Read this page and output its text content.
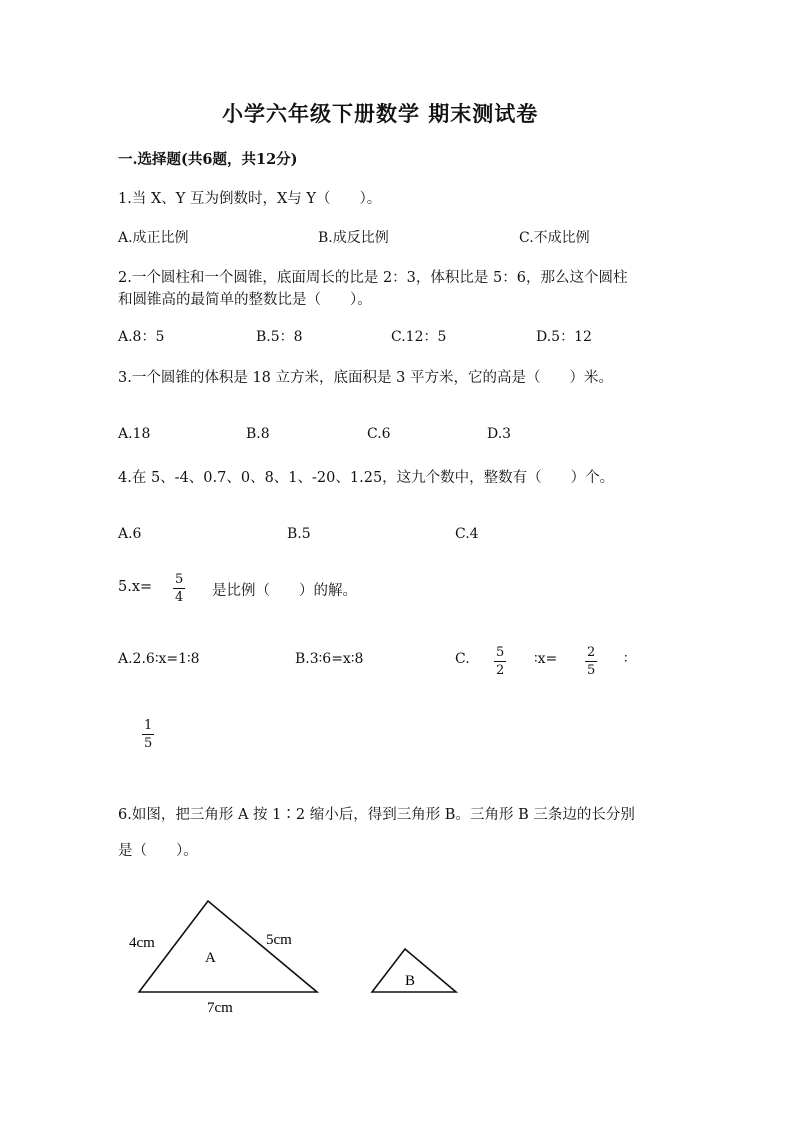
小学六年级下册数学 期末测试卷
一.选择题(共6题，共12分)
1.当 X、Y 互为倒数时，X与 Y（　　）。
A.成正比例	B.成反比例	C.不成比例
2.一个圆柱和一个圆锥，底面周长的比是 2：3，体积比是 5：6，那么这个圆柱
和圆锥高的最简单的整数比是（　　）。
A.8：5	B.5：8	C.12：5	D.5：12
3.一个圆锥的体积是 18 立方米，底面积是 3 平方米，它的高是（　　）米。
A.18	B.8	C.6	D.3
4.在 5、-4、0.7、0、8、1、-20、1.25，这九个数中，整数有（　　）个。
A.6	B.5	C.4
$5.x= \frac{5}{4}$ 是比例（　　）的解。
A.2.6∶x=1∶8	B.3∶6=x∶8	C. $\frac{5}{2}$ ∶x= $\frac{2}{5}$ ∶
$\frac{1}{5}$
6.如图，把三角形 A 按 1∶2 缩小后，得到三角形 B。三角形 B 三条边的长分别
是（　　）。
A
B
4cm	5cm
7cm
